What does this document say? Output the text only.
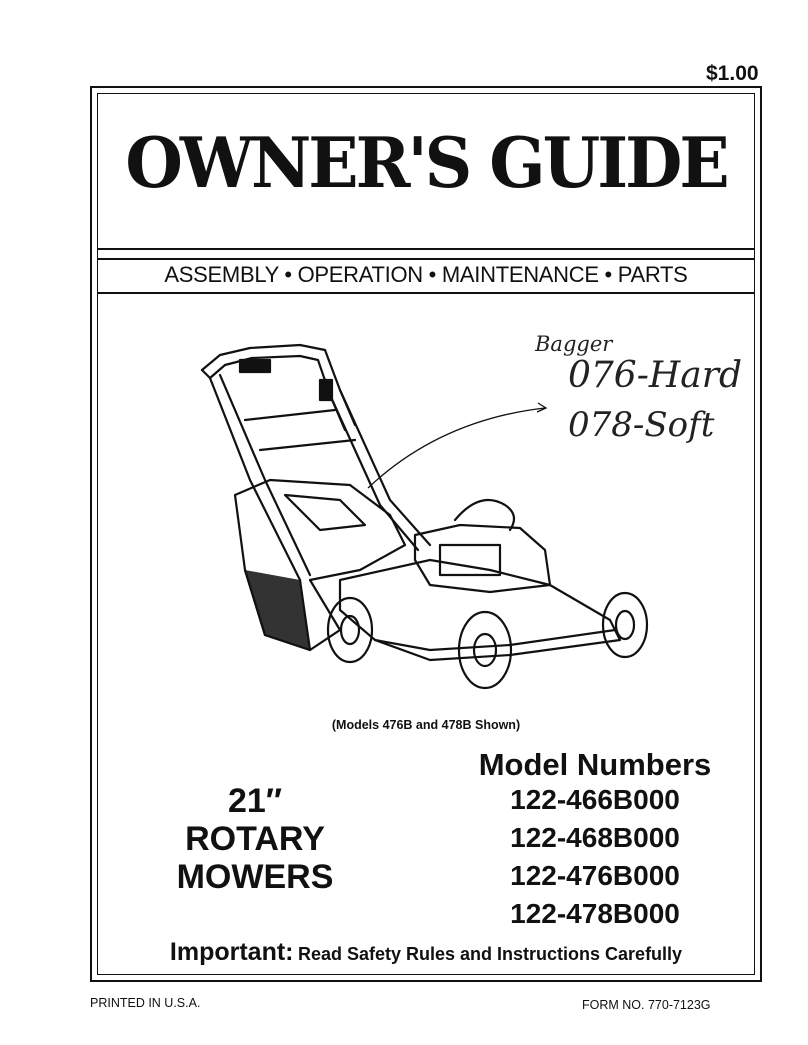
$1.00
OWNER'S GUIDE
ASSEMBLY • OPERATION • MAINTENANCE • PARTS
Bagger
076-Hard
078-Soft
(Models 476B and 478B Shown)
21″
ROTARY
MOWERS
Model Numbers
122-466B000
122-468B000
122-476B000
122-478B000
Important: Read Safety Rules and Instructions Carefully
PRINTED IN U.S.A.	FORM NO. 770-7123G
